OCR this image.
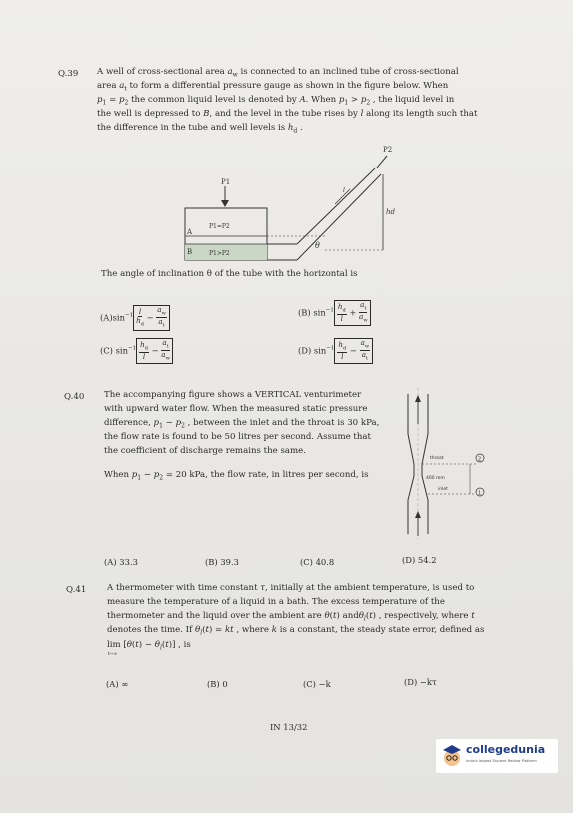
Q.39 A well of cross-sectional area $a_w$ is connected to an inclined tube of cross-sectional
area $a_t$ to form a differential pressure gauge as shown in the figure below. When
$p_1 = p_2$ the common liquid level is denoted by A. When $p_1 > p_2$ , the liquid level in
the well is depressed to B, and the level in the tube rises by l along its length such that
the difference in the tube and well levels is $h_d$ .
P1
P2
hd
θ
l
A
B
P1=P2
P1>P2
The angle of inclination θ of the tube with the horizontal is
$(A)\sin^{-1} \frac{l}{h_d} - \frac{a_w}{a_t}$	(B) $\sin^{-1} \frac{h_d}{l} + \frac{a_t}{a_w}$
(C) $\sin^{-1} \frac{h_d}{l} - \frac{a_t}{a_w}$	(D) $\sin^{-1} \frac{h_d}{l} - \frac{a_w}{a_t}$
Q.40 The accompanying figure shows a VERTICAL venturimeter
with upward water flow. When the measured static pressure
difference, $p_1 - p_2$ , between the inlet and the throat is 30 kPa,
the flow rate is found to be 50 litres per second. Assume that
the coefficient of discharge remains the same.
When $p_1 - p_2 = 20$ kPa, the flow rate, in litres per second, is
throat
inlet
400 mm
2
1
(A) 33.3	(B) 39.3	(C) 40.8	(D) 54.2
Q.41 A thermometer with time constant τ, initially at the ambient temperature, is used to
measure the temperature of a liquid in a bath. The excess temperature of the
thermometer and the liquid over the ambient are θ(t) andθ$_l$(t) , respectively, where t
denotes the time. If $\theta_l(t)$ = kt , where k is a constant, the steady state error, defined as
$\lim [\theta(t) - \theta_l(t)]$ , is
t→∞
(A) ∞	(B) 0	(C) −k	(D) −kτ
IN 13/32
collegedunia
India's largest Student Review Platform
